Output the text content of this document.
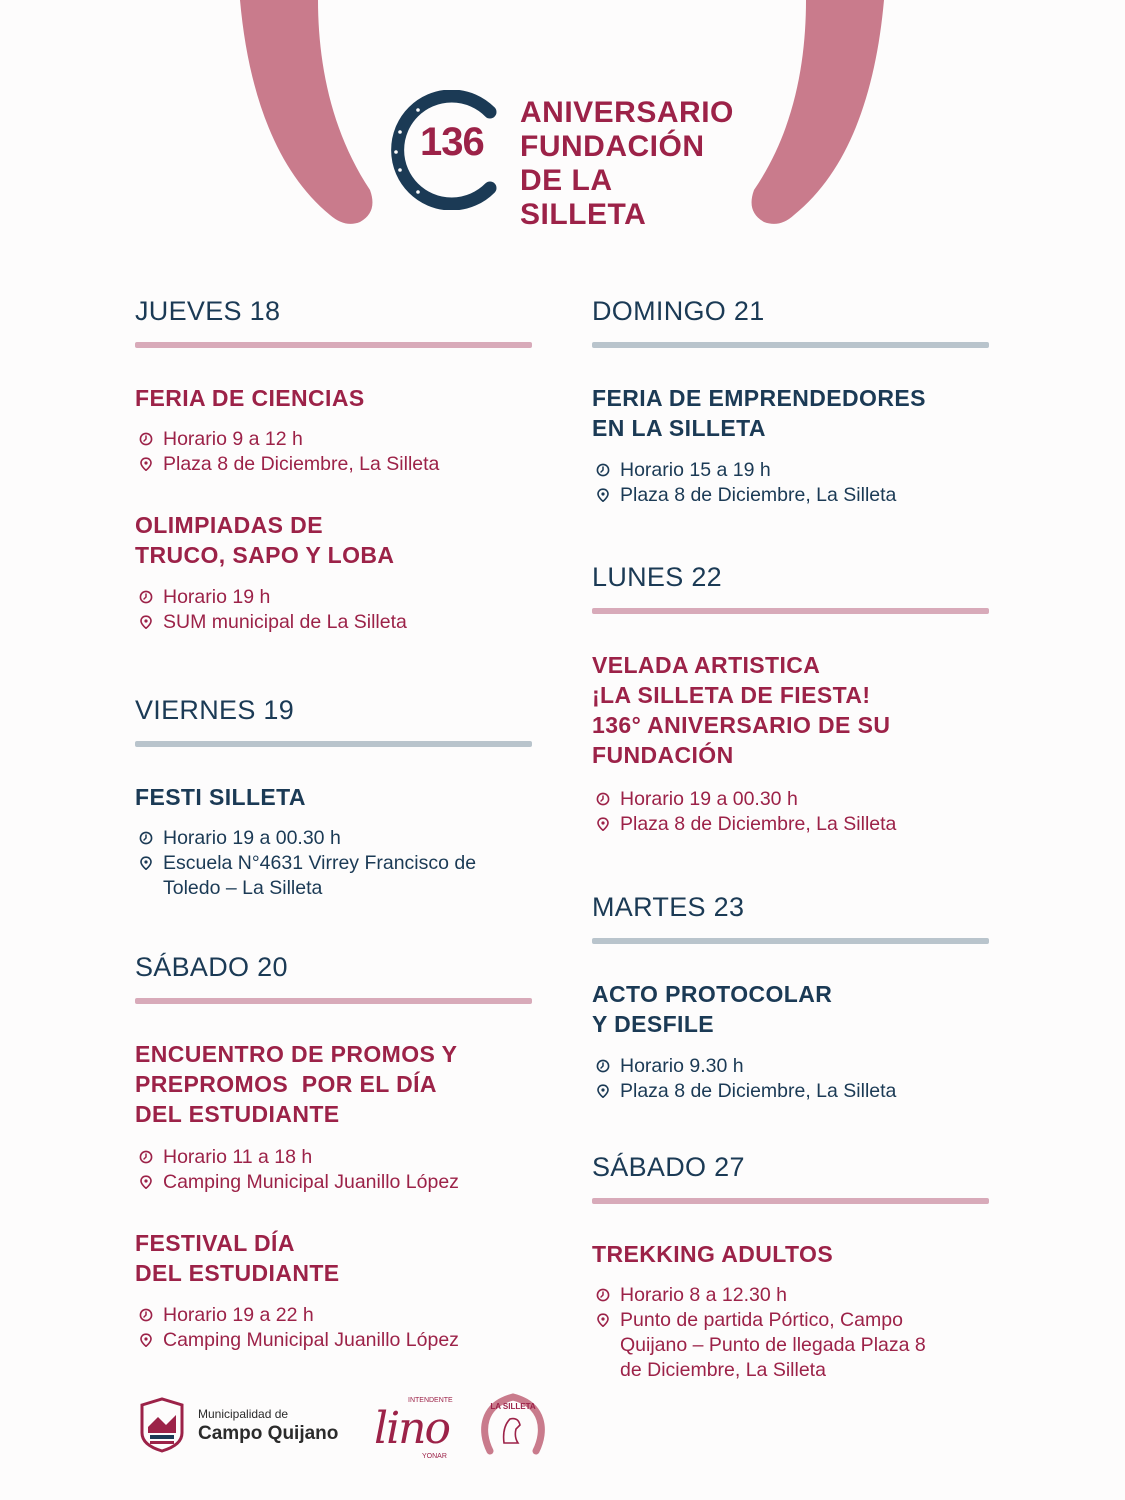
136
ANIVERSARIO
FUNDACIÓN
DE LA SILLETA
JUEVES 18
FERIA DE CIENCIAS
Horario 9 a 12 h
Plaza 8 de Diciembre, La Silleta
OLIMPIADAS DE
TRUCO, SAPO Y LOBA
Horario 19 h
SUM municipal de La Silleta
VIERNES 19
FESTI SILLETA
Horario 19 a 00.30 h
Escuela N°4631 Virrey Francisco de
Toledo – La Silleta
SÁBADO 20
ENCUENTRO DE PROMOS Y
PREPROMOS  POR EL DÍA
DEL ESTUDIANTE
Horario 11 a 18 h
Camping Municipal Juanillo López
FESTIVAL DÍA
DEL ESTUDIANTE
Horario 19 a 22 h
Camping Municipal Juanillo López
DOMINGO 21
FERIA DE EMPRENDEDORES
EN LA SILLETA
Horario 15 a 19 h
Plaza 8 de Diciembre, La Silleta
LUNES 22
VELADA ARTISTICA
¡LA SILLETA DE FIESTA!
136° ANIVERSARIO DE SU
FUNDACIÓN
Horario 19 a 00.30 h
Plaza 8 de Diciembre, La Silleta
MARTES 23
ACTO PROTOCOLAR
Y DESFILE
Horario 9.30 h
Plaza 8 de Diciembre, La Silleta
SÁBADO 27
TREKKING ADULTOS
Horario 8 a 12.30 h
Punto de partida Pórtico, Campo
Quijano – Punto de llegada Plaza 8
de Diciembre, La Silleta
Municipalidad de
Campo Quijano
INTENDENTE
lino
YONAR
LA SILLETA
